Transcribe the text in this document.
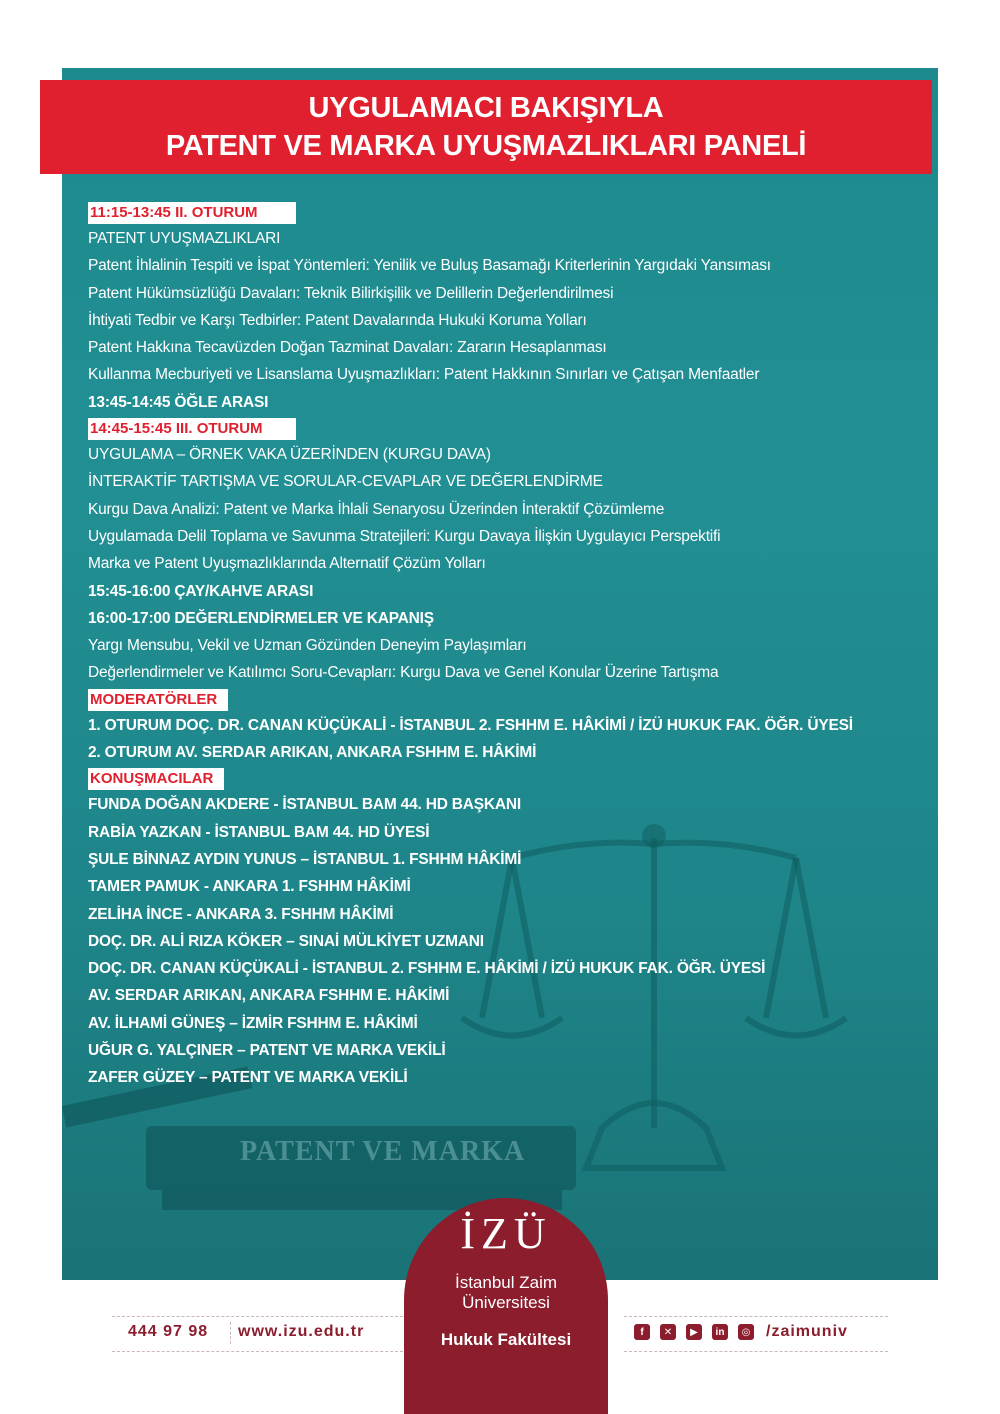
PATENT VE MARKA
UYGULAMACI BAKIŞIYLA
PATENT VE MARKA UYUŞMAZLIKLARI PANELİ
11:15-13:45 II. OTURUM
PATENT UYUŞMAZLIKLARI
Patent İhlalinin Tespiti ve İspat Yöntemleri: Yenilik ve Buluş Basamağı Kriterlerinin Yargıdaki Yansıması
Patent Hükümsüzlüğü Davaları: Teknik Bilirkişilik ve Delillerin Değerlendirilmesi
İhtiyati Tedbir ve Karşı Tedbirler: Patent Davalarında Hukuki Koruma Yolları
Patent Hakkına Tecavüzden Doğan Tazminat Davaları: Zararın Hesaplanması
Kullanma Mecburiyeti ve Lisanslama Uyuşmazlıkları: Patent Hakkının Sınırları ve Çatışan Menfaatler
13:45-14:45 ÖĞLE ARASI
14:45-15:45 III. OTURUM
UYGULAMA – ÖRNEK VAKA ÜZERİNDEN (KURGU DAVA)
İNTERAKTİF TARTIŞMA VE SORULAR-CEVAPLAR VE DEĞERLENDİRME
Kurgu Dava Analizi: Patent ve Marka İhlali Senaryosu Üzerinden İnteraktif Çözümleme
Uygulamada Delil Toplama ve Savunma Stratejileri: Kurgu Davaya İlişkin Uygulayıcı Perspektifi
Marka ve Patent Uyuşmazlıklarında Alternatif Çözüm Yolları
15:45-16:00 ÇAY/KAHVE ARASI
16:00-17:00 DEĞERLENDİRMELER VE KAPANIŞ
Yargı Mensubu, Vekil ve Uzman Gözünden Deneyim Paylaşımları
Değerlendirmeler ve Katılımcı Soru-Cevapları: Kurgu Dava ve Genel Konular Üzerine Tartışma
MODERATÖRLER
1. OTURUM DOÇ. DR. CANAN KÜÇÜKALİ - İSTANBUL 2. FSHHM E. HÂKİMİ / İZÜ HUKUK FAK. ÖĞR. ÜYESİ
2. OTURUM AV. SERDAR ARIKAN, ANKARA FSHHM E. HÂKİMİ
KONUŞMACILAR
FUNDA DOĞAN AKDERE - İSTANBUL BAM 44. HD BAŞKANI
RABİA YAZKAN - İSTANBUL BAM 44. HD ÜYESİ
ŞULE BİNNAZ AYDIN YUNUS – İSTANBUL 1. FSHHM HÂKİMİ
TAMER PAMUK - ANKARA 1. FSHHM HÂKİMİ
ZELİHA İNCE - ANKARA 3. FSHHM HÂKİMİ
DOÇ. DR. ALİ RIZA KÖKER – SINAİ MÜLKİYET UZMANI
DOÇ. DR. CANAN KÜÇÜKALİ - İSTANBUL 2. FSHHM E. HÂKİMİ / İZÜ HUKUK FAK. ÖĞR. ÜYESİ
AV. SERDAR ARIKAN, ANKARA FSHHM E. HÂKİMİ
AV. İLHAMİ GÜNEŞ – İZMİR FSHHM E. HÂKİMİ
UĞUR G. YALÇINER – PATENT VE MARKA VEKİLİ
ZAFER GÜZEY – PATENT VE MARKA VEKİLİ
444 97 98 www.izu.edu.tr	f	✕	▶	in	◎ /zaimuniv
İZÜ
İstanbul Zaim
Üniversitesi
Hukuk Fakültesi
